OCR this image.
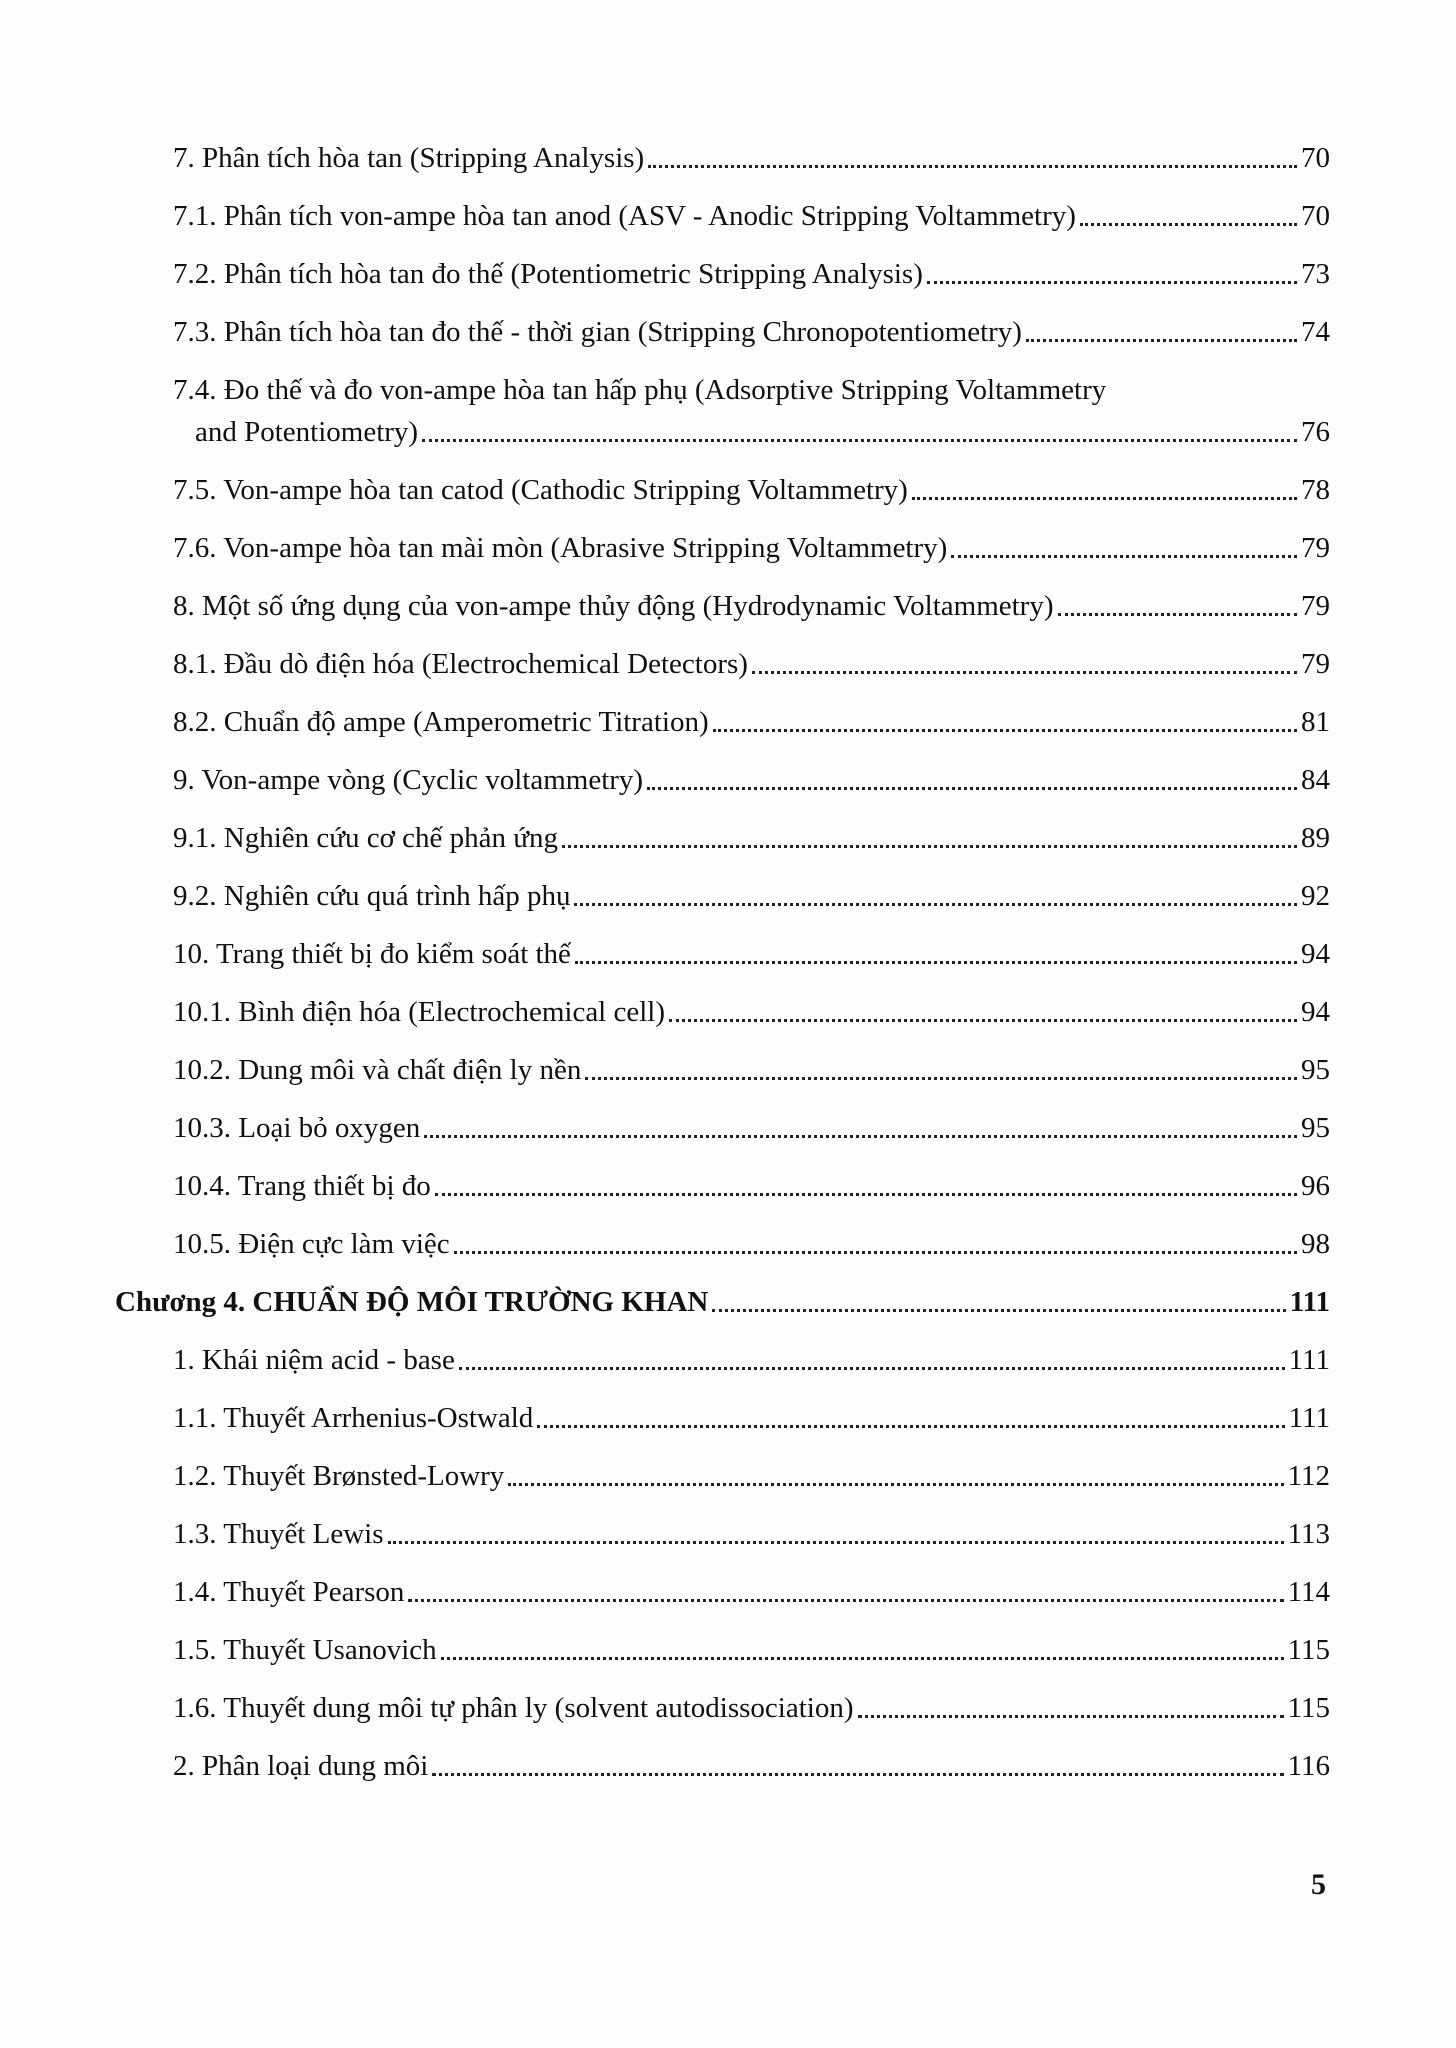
7. Phân tích hòa tan (Stripping Analysis)	70
7.1. Phân tích von-ampe hòa tan anod (ASV - Anodic Stripping Voltammetry)	70
7.2. Phân tích hòa tan đo thế (Potentiometric Stripping Analysis)	73
7.3. Phân tích hòa tan đo thế - thời gian (Stripping Chronopotentiometry)	74
7.4. Đo thế và đo von-ampe hòa tan hấp phụ (Adsorptive Stripping Voltammetry
and Potentiometry)	76
7.5. Von-ampe hòa tan catod (Cathodic Stripping Voltammetry)	78
7.6. Von-ampe hòa tan mài mòn (Abrasive Stripping Voltammetry)	79
8. Một số ứng dụng của von-ampe thủy động (Hydrodynamic Voltammetry)	79
8.1. Đầu dò điện hóa (Electrochemical Detectors)	79
8.2. Chuẩn độ ampe (Amperometric Titration)	81
9. Von-ampe vòng (Cyclic voltammetry)	84
9.1. Nghiên cứu cơ chế phản ứng	89
9.2. Nghiên cứu quá trình hấp phụ	92
10. Trang thiết bị đo kiểm soát thế	94
10.1. Bình điện hóa (Electrochemical cell)	94
10.2. Dung môi và chất điện ly nền	95
10.3. Loại bỏ oxygen	95
10.4. Trang thiết bị đo	96
10.5. Điện cực làm việc	98
Chương 4. CHUẨN ĐỘ MÔI TRƯỜNG KHAN	111
1. Khái niệm acid - base	111
1.1. Thuyết Arrhenius-Ostwald	111
1.2. Thuyết Brønsted-Lowry	112
1.3. Thuyết Lewis	113
1.4. Thuyết Pearson	114
1.5. Thuyết Usanovich	115
1.6. Thuyết dung môi tự phân ly (solvent autodissociation)	115
2. Phân loại dung môi	116
5
